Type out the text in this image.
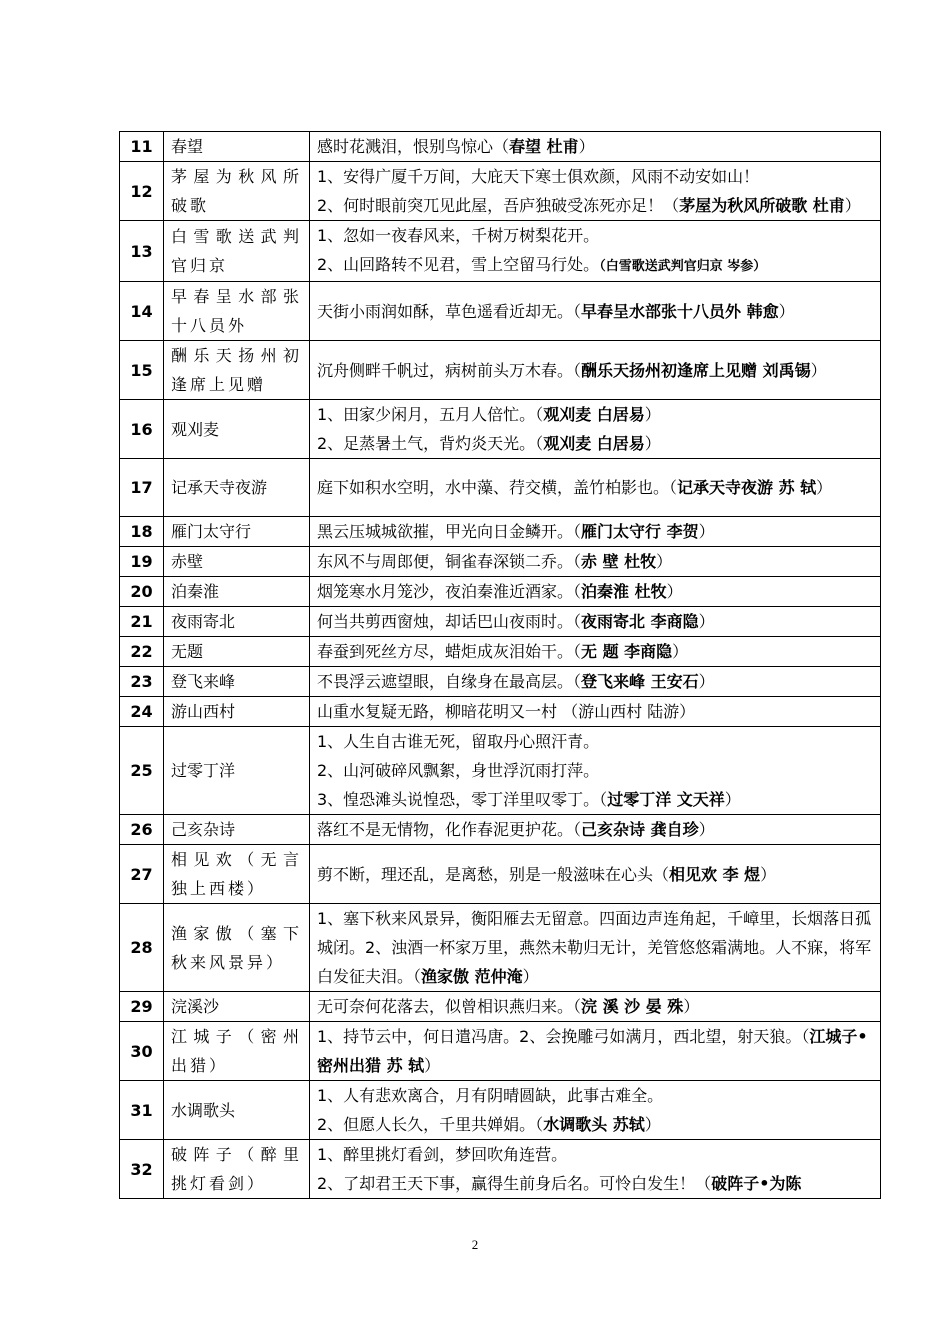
11	春望	感时花溅泪，恨别鸟惊心（春望 杜甫）

12	茅屋为秋风所破歌	1、安得广厦千万间，大庇天下寒士俱欢颜，风雨不动安如山！
2、何时眼前突兀见此屋，吾庐独破受冻死亦足！（茅屋为秋风所破歌 杜甫）

13	白雪歌送武判官归京	1、忽如一夜春风来，千树万树梨花开。
2、山回路转不见君，雪上空留马行处。（白雪歌送武判官归京 岑参）

14	早春呈水部张十八员外	天街小雨润如酥，草色遥看近却无。（早春呈水部张十八员外 韩愈）

15	酬乐天扬州初逢席上见赠	沉舟侧畔千帆过，病树前头万木春。（酬乐天扬州初逢席上见赠 刘禹锡）

16	观刈麦	1、田家少闲月，五月人倍忙。（观刈麦 白居易）
2、足蒸暑土气，背灼炎天光。（观刈麦 白居易）

17	记承天寺夜游	庭下如积水空明，水中藻、荇交横，盖竹柏影也。（记承天寺夜游 苏 轼）

18	雁门太守行	黑云压城城欲摧，甲光向日金鳞开。（雁门太守行 李贺）

19	赤壁	东风不与周郎便，铜雀春深锁二乔。（赤 壁 杜牧）

20	泊秦淮	烟笼寒水月笼沙，夜泊秦淮近酒家。（泊秦淮 杜牧）

21	夜雨寄北	何当共剪西窗烛，却话巴山夜雨时。（夜雨寄北 李商隐）

22	无题	春蚕到死丝方尽，蜡炬成灰泪始干。（无 题 李商隐）

23	登飞来峰	不畏浮云遮望眼，自缘身在最高层。（登飞来峰 王安石）

24	游山西村	山重水复疑无路，柳暗花明又一村 （游山西村 陆游）

25	过零丁洋	1、人生自古谁无死，留取丹心照汗青。
2、山河破碎风飘絮，身世浮沉雨打萍。
3、惶恐滩头说惶恐，零丁洋里叹零丁。（过零丁洋 文天祥）

26	己亥杂诗	落红不是无情物，化作春泥更护花。（己亥杂诗 龚自珍）

27	相见欢（无言独上西楼）	剪不断，理还乱，是离愁，别是一般滋味在心头（相见欢 李 煜）

28	渔家傲（塞下秋来风景异）	1、塞下秋来风景异，衡阳雁去无留意。四面边声连角起，千嶂里，长烟落日孤城闭。2、浊酒一杯家万里，燕然未勒归无计，羌管悠悠霜满地。人不寐，将军白发征夫泪。（渔家傲 范仲淹）

29	浣溪沙	无可奈何花落去，似曾相识燕归来。（浣 溪 沙 晏 殊）

30	江城子（密州出猎）	1、持节云中，何日遣冯唐。2、会挽雕弓如满月，西北望，射天狼。（江城子•密州出猎 苏 轼）

31	水调歌头	1、人有悲欢离合，月有阴晴圆缺，此事古难全。
2、但愿人长久，千里共婵娟。（水调歌头 苏轼）

32	破阵子（醉里挑灯看剑）	1、醉里挑灯看剑，梦回吹角连营。
2、了却君王天下事，赢得生前身后名。可怜白发生！（破阵子•为陈
2
